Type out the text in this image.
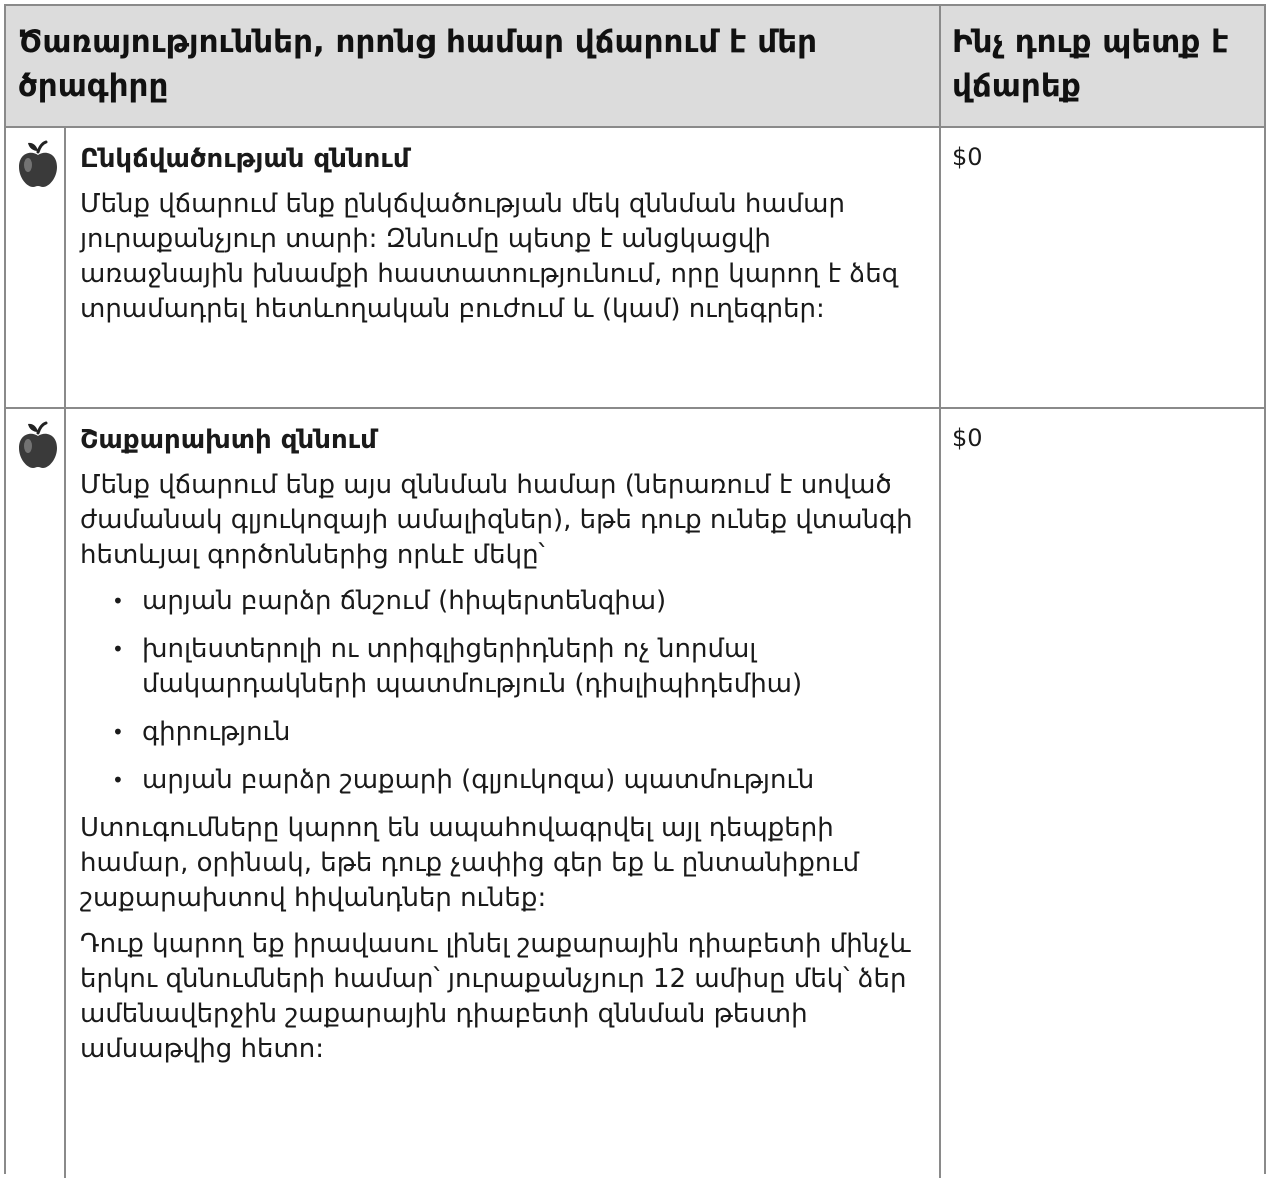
Ծառայություններ, որոնց համար վճարում է մեր ծրագիրը
Ինչ դուք պետք է վճարեք
Ընկճվածության զննում
Մենք վճարում ենք ընկճվածության մեկ զննման համար յուրաքանչյուր տարի: Զննումը պետք է անցկացվի առաջնային խնամքի հաստատությունում, որը կարող է ձեզ տրամադրել հետևողական բուժում և (կամ) ուղեգրեր:
$0
Շաքարախտի զննում
Մենք վճարում ենք այս զննման համար (ներառում է սոված ժամանակ գլյուկոզայի ամալիզներ), եթե դուք ունեք վտանգի հետևյալ գործոններից որևէ մեկը՝
• արյան բարձր ճնշում (հիպերտենզիա)
• խոլեստերոլի ու տրիգլիցերիդների ոչ նորմալ մակարդակների պատմություն (դիսլիպիդեմիա)
• գիրություն
• արյան բարձր շաքարի (գլյուկոզա) պատմություն
Ստուգումները կարող են ապահովագրվել այլ դեպքերի համար, օրինակ, եթե դուք չափից գեր եք և ընտանիքում շաքարախտով հիվանդներ ունեք:
Դուք կարող եք իրավասու լինել շաքարային դիաբետի մինչև երկու զննումների համար՝ յուրաքանչյուր 12 ամիսը մեկ՝ ձեր ամենավերջին շաքարային դիաբետի զննման թեստի ամսաթվից հետո:
$0
